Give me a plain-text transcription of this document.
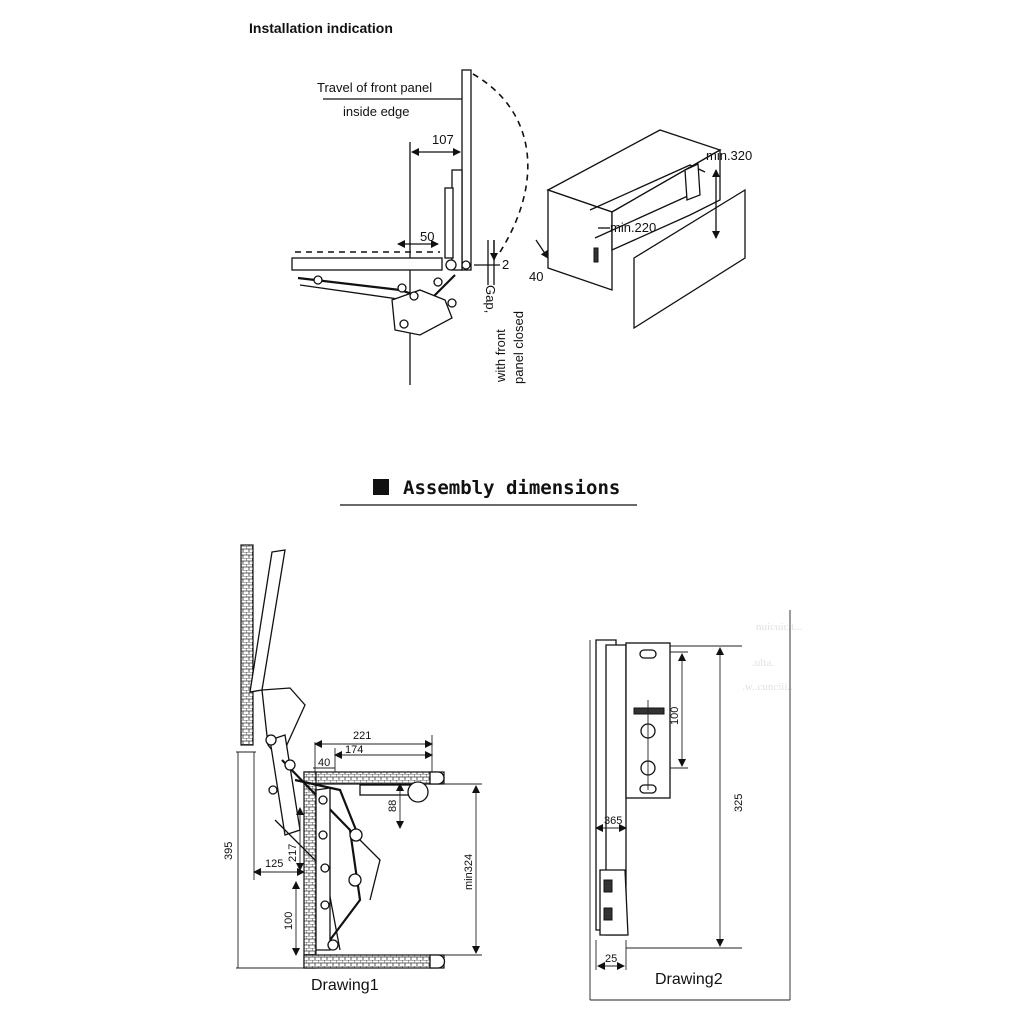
Installation indication
Travel of front panel
inside edge
107
50
2
Gap,
with front panel closed
min.320
min.220
40
Assembly dimensions
395
221
174
40
88
217
125
100
min324
Drawing1
nuicuic.t...
.ulta.
.w..cunciii..
100
325
365
25
Drawing2
